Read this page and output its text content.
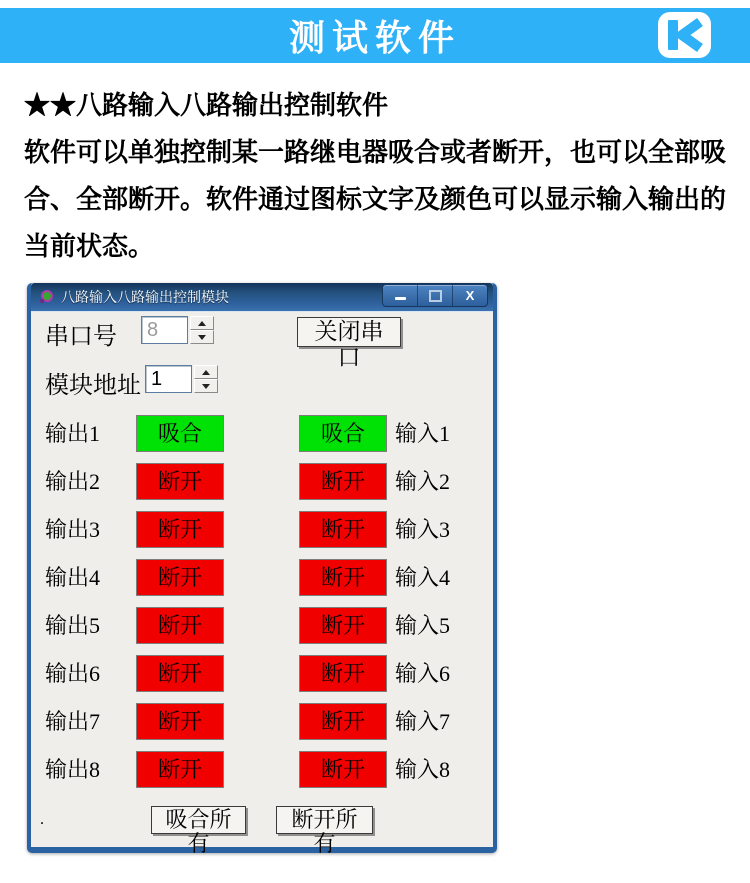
测试软件
★★八路输入八路输出控制软件
软件可以单独控制某一路继电器吸合或者断开，也可以全部吸
合、全部断开。软件通过图标文字及颜色可以显示输入输出的
当前状态。
八路输入八路输出控制模块	X
串口号
8	关闭串口
模块地址
1
输出1	吸合	吸合	输入1
输出2	断开	断开	输入2
输出3	断开	断开	输入3
输出4	断开	断开	输入4
输出5	断开	断开	输入5
输出6	断开	断开	输入6
输出7	断开	断开	输入7
输出8	断开	断开	输入8
.	吸合所有
断开所有
